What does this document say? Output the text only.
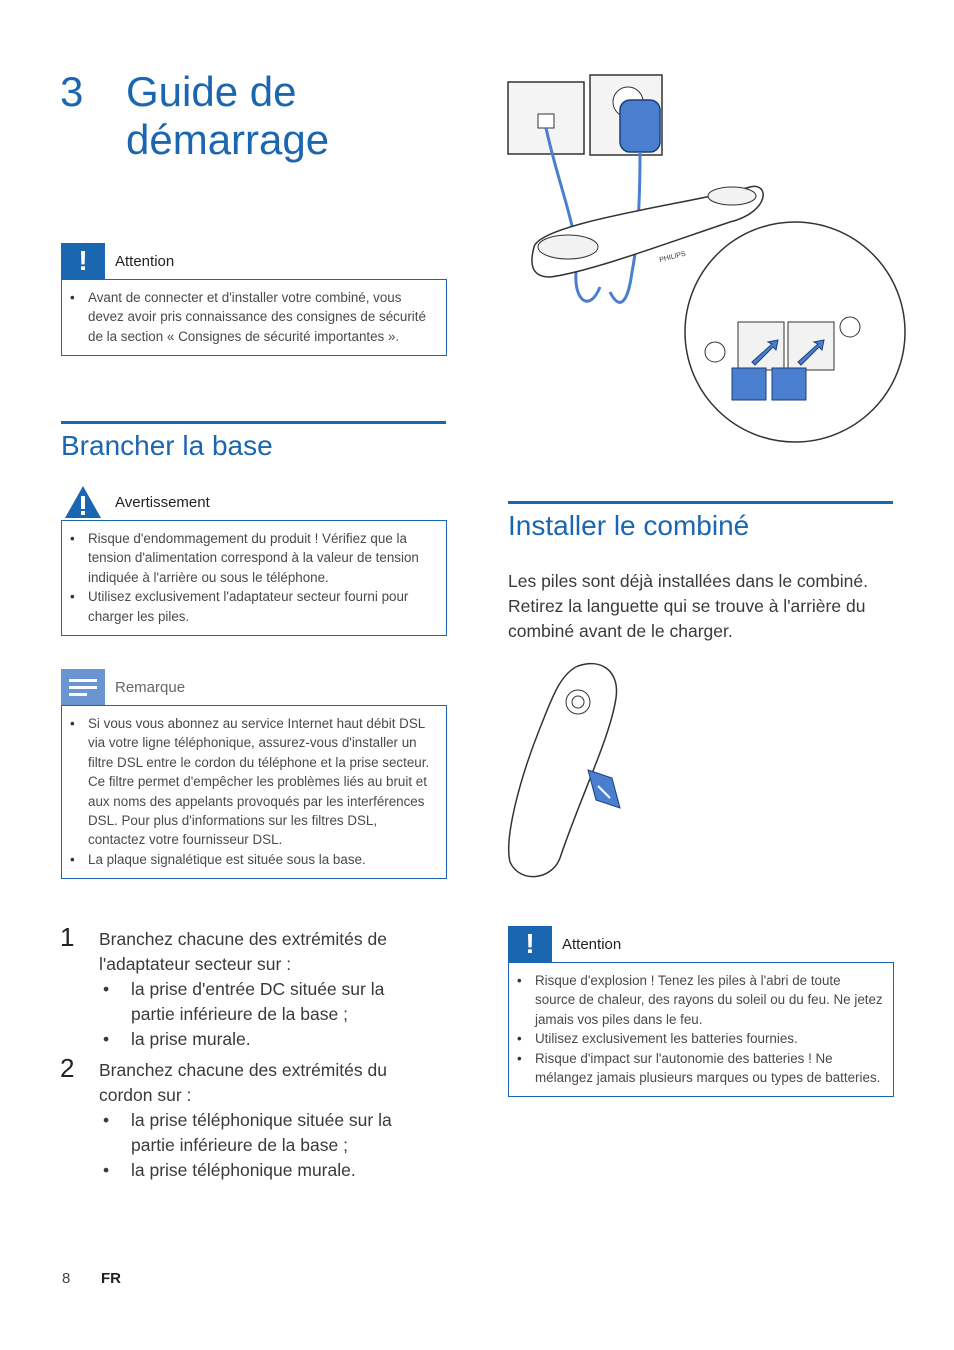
3 Guide de démarrage
!	Attention
• Avant de connecter et d'installer votre combiné, vous devez avoir pris connaissance des consignes de sécurité de la section « Consignes de sécurité importantes ».
Brancher la base
Avertissement
• Risque d'endommagement du produit ! Vérifiez que la tension d'alimentation correspond à la valeur de tension indiquée à l'arrière ou sous le téléphone.
• Utilisez exclusivement l'adaptateur secteur fourni pour charger les piles.
Remarque
• Si vous vous abonnez au service Internet haut débit DSL via votre ligne téléphonique, assurez-vous d'installer un filtre DSL entre le cordon du téléphone et la prise secteur. Ce filtre permet d'empêcher les problèmes liés au bruit et aux noms des appelants provoqués par les interférences DSL. Pour plus d'informations sur les filtres DSL, contactez votre fournisseur DSL.
• La plaque signalétique est située sous la base.
1 Branchez chacune des extrémités de l'adaptateur secteur sur :
• la prise d'entrée DC située sur la partie inférieure de la base ;
• la prise murale.
2 Branchez chacune des extrémités du cordon sur :
• la prise téléphonique située sur la partie inférieure de la base ;
• la prise téléphonique murale.
PHILIPS
Installer le combiné
Les piles sont déjà installées dans le combiné. Retirez la languette qui se trouve à l'arrière du combiné avant de le charger.
!	Attention
• Risque d'explosion ! Tenez les piles à l'abri de toute source de chaleur, des rayons du soleil ou du feu. Ne jetez jamais vos piles dans le feu.
• Utilisez exclusivement les batteries fournies.
• Risque d'impact sur l'autonomie des batteries ! Ne mélangez jamais plusieurs marques ou types de batteries.
8 FR
